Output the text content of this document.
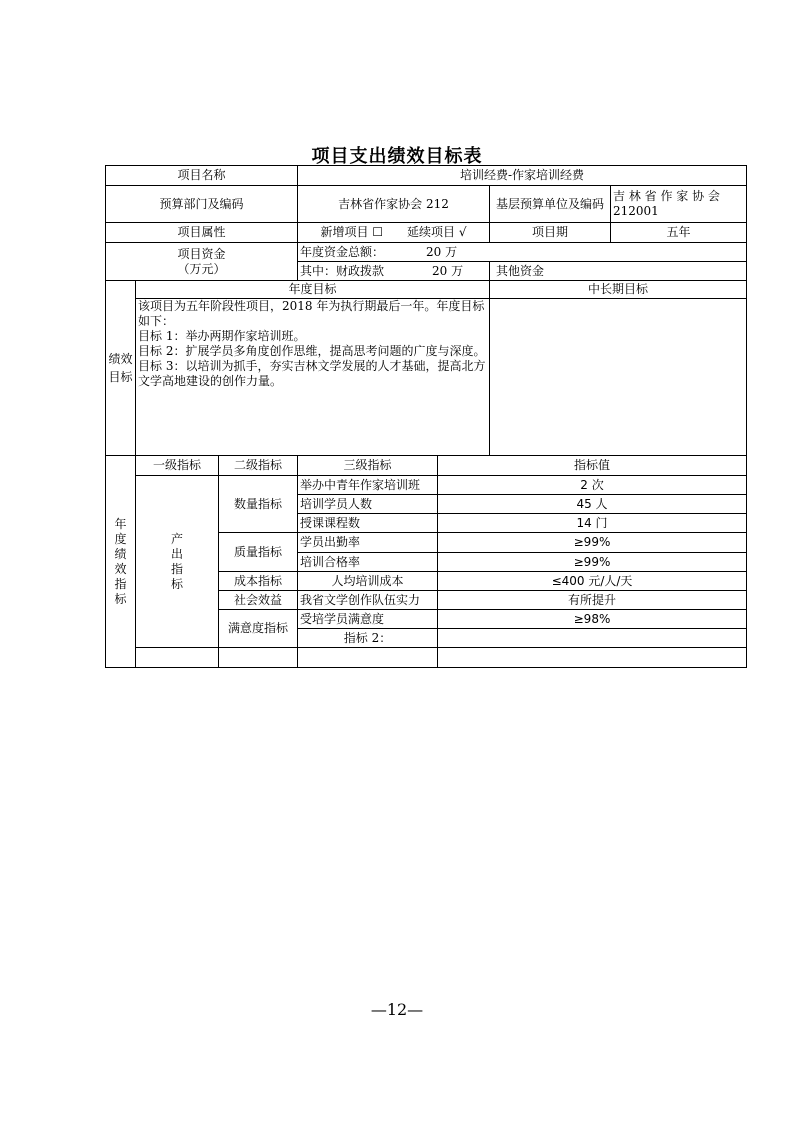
项目支出绩效目标表
项目名称			培训经费-作家培训经费			
预算部门及编码			吉林省作家协会 212		基层预算单位及编码	吉 林 省 作 家 协 会 212001
项目属性			新增项目 ☐　　延续项目 √		项目期	五年

项目资金
（万元）			年度资金总额：　　　　20 万			
			其中：财政拨款　　　　20 万		其他资金	
绩效目标	年度目标				中长期目标	

	该项目为五年阶段性项目，2018 年为执行期最后一年。年度目标如下：
目标 1：举办两期作家培训班。
目标 2：扩展学员多角度创作思维，提高思考问题的广度与深度。
目标 3：以培训为抓手，夯实吉林文学发展的人才基础，提高北方文学高地建设的创作力量。					

年度绩效指标	一级指标	二级指标	三级指标	指标值		

	产出指标	数量指标	举办中青年作家培训班	2 次		
			培训学员人数	45 人		
			授课课程数	14 门		
		质量指标	学员出勤率	≥99%		
			培训合格率	≥99%		
		成本指标	人均培训成本	≤400 元/人/天		
		社会效益	我省文学创作队伍实力	有所提升		
		满意度指标	受培学员满意度	≥98%		
			指标 2：			

—12—
